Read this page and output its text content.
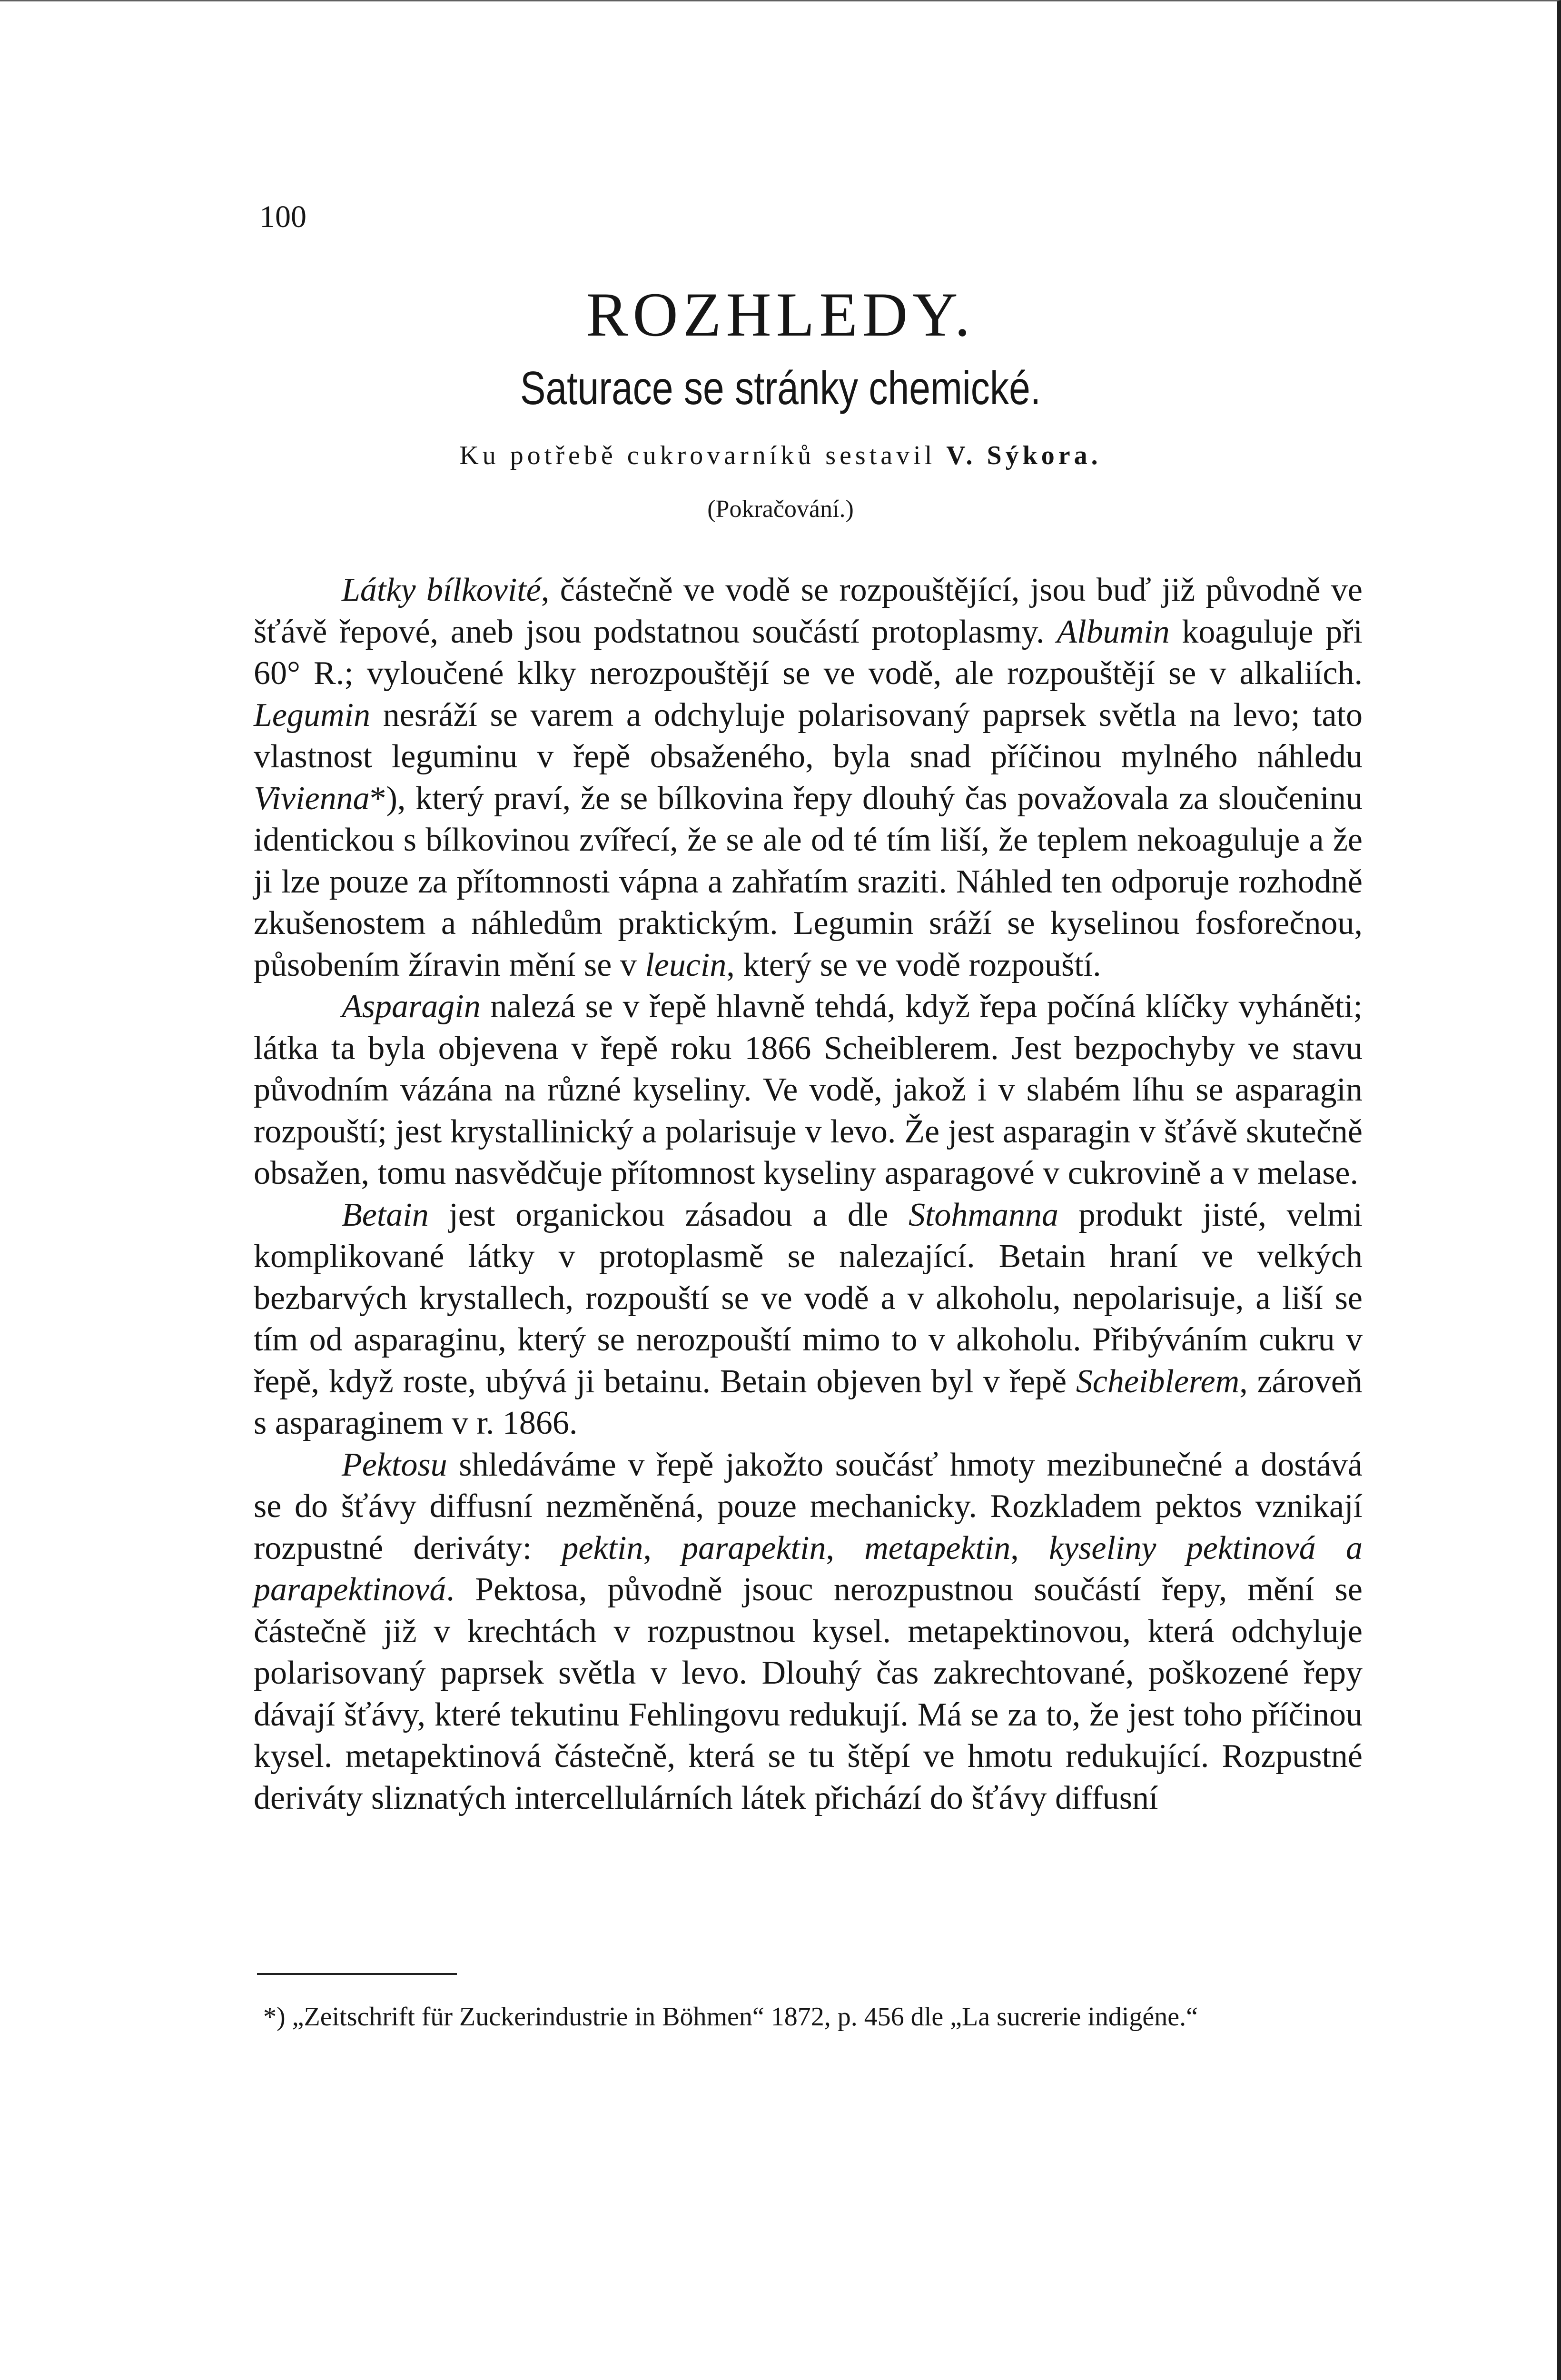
100
ROZHLEDY.
Saturace se stránky chemické.
Ku potřebě cukrovarníků sestavil V. Sýkora.
(Pokračování.)

Látky bílkovité, částečně ve vodě se rozpouštějící, jsou buď již původně ve šťávě řepové, aneb jsou podstatnou součástí protoplasmy. Albumin koaguluje při 60° R.; vyloučené klky nerozpouštějí se ve vodě, ale rozpouštějí se v alkaliích. Legumin nesráží se varem a odchyluje polarisovaný paprsek světla na levo; tato vlastnost leguminu v řepě obsaženého, byla snad příčinou mylného náhledu Vivienna*), který praví, že se bílkovina řepy dlouhý čas považovala za sloučeninu identickou s bílkovinou zvířecí, že se ale od té tím liší, že teplem nekoaguluje a že ji lze pouze za přítomnosti vápna a zahřatím sraziti. Náhled ten odporuje rozhodně zkušenostem a náhledům praktickým. Legumin sráží se kyselinou fosforečnou, působením žíravin mění se v leucin, který se ve vodě rozpouští.

Asparagin nalezá se v řepě hlavně tehdá, když řepa počíná klíčky vyháněti; látka ta byla objevena v řepě roku 1866 Scheiblerem. Jest bezpochyby ve stavu původním vázána na různé kyseliny. Ve vodě, jakož i v slabém líhu se asparagin rozpouští; jest krystallinický a polarisuje v levo. Že jest asparagin v šťávě skutečně obsažen, tomu nasvědčuje přítomnost kyseliny asparagové v cukrovině a v melase.

Betain jest organickou zásadou a dle Stohmanna produkt jisté, velmi komplikované látky v protoplasmě se nalezající. Betain hraní ve velkých bezbarvých krystallech, rozpouští se ve vodě a v alkoholu, nepolarisuje, a liší se tím od asparaginu, který se nerozpouští mimo to v alkoholu. Přibýváním cukru v řepě, když roste, ubývá ji betainu. Betain objeven byl v řepě Scheiblerem, zároveň s asparaginem v r. 1866.

Pektosu shledáváme v řepě jakožto součásť hmoty mezibunečné a dostává se do šťávy diffusní nezměněná, pouze mechanicky. Rozkladem pektos vznikají rozpustné deriváty: pektin, parapektin, metapektin, kyseliny pektinová a parapektinová. Pektosa, původně jsouc nerozpustnou součástí řepy, mění se částečně již v krechtách v rozpustnou kysel. metapektinovou, která odchyluje polarisovaný paprsek světla v levo. Dlouhý čas zakrechtované, poškozené řepy dávají šťávy, které tekutinu Fehlingovu redukují. Má se za to, že jest toho příčinou kysel. metapektinová částečně, která se tu štěpí ve hmotu redukující. Rozpustné deriváty sliznatých intercellulárních látek přichází do šťávy diffusní

*) „Zeitschrift für Zuckerindustrie in Böhmen“ 1872, p. 456 dle „La sucrerie indigéne.“
